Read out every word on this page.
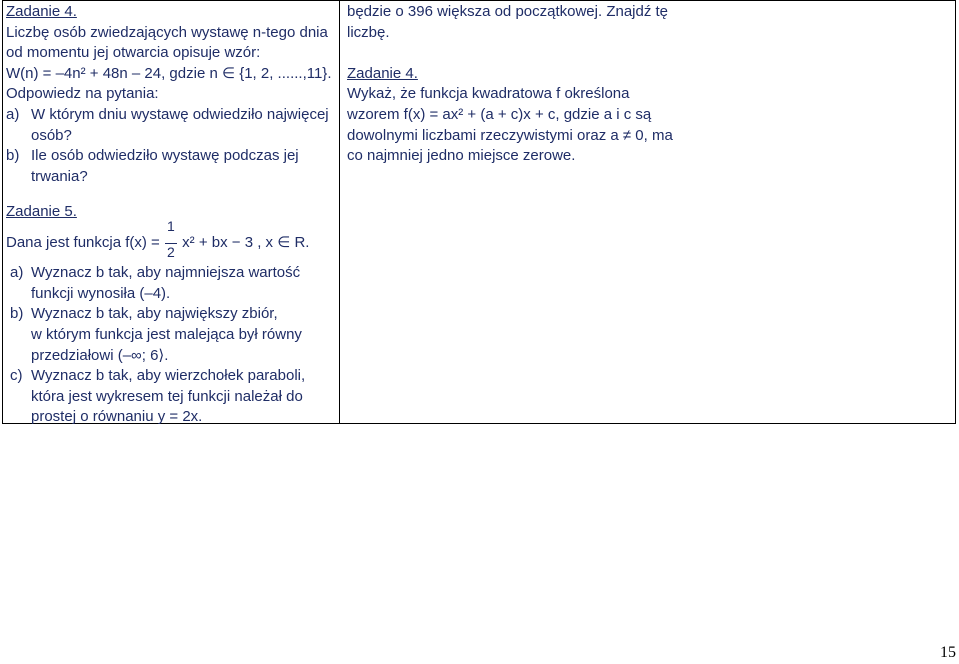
Zadanie 4.

Liczbę osób zwiedzających wystawę n-tego dnia

od momentu jej otwarcia opisuje wzór:

W(n) = –4n² + 48n – 24, gdzie n ∈ {1, 2, ......,11}.

Odpowiedz na pytania:

a) W którym dniu wystawę odwiedziło najwięcej

osób?

b) Ile osób odwiedziło wystawę podczas jej

trwania?

będzie o 396 większa od początkowej. Znajdź tę

liczbę.

Zadanie 4.

Wykaż, że funkcja kwadratowa f określona

wzorem f(x) = ax² + (a + c)x + c, gdzie a i c są

dowolnymi liczbami rzeczywistymi oraz a ≠ 0, ma

co najmniej jedno miejsce zerowe.

Zadanie 5.

Dana jest funkcja $f(x) = \frac{1}{2} x^2$ + bx − 3 , x ∈ R.

a) Wyznacz b tak, aby najmniejsza wartość

funkcji wynosiła (–4).

b) Wyznacz b tak, aby największy zbiór,

w którym funkcja jest malejąca był równy

przedziałowi (–∞; 6⟩.

c) Wyznacz b tak, aby wierzchołek paraboli,

która jest wykresem tej funkcji należał do

prostej o równaniu y = 2x.

15
